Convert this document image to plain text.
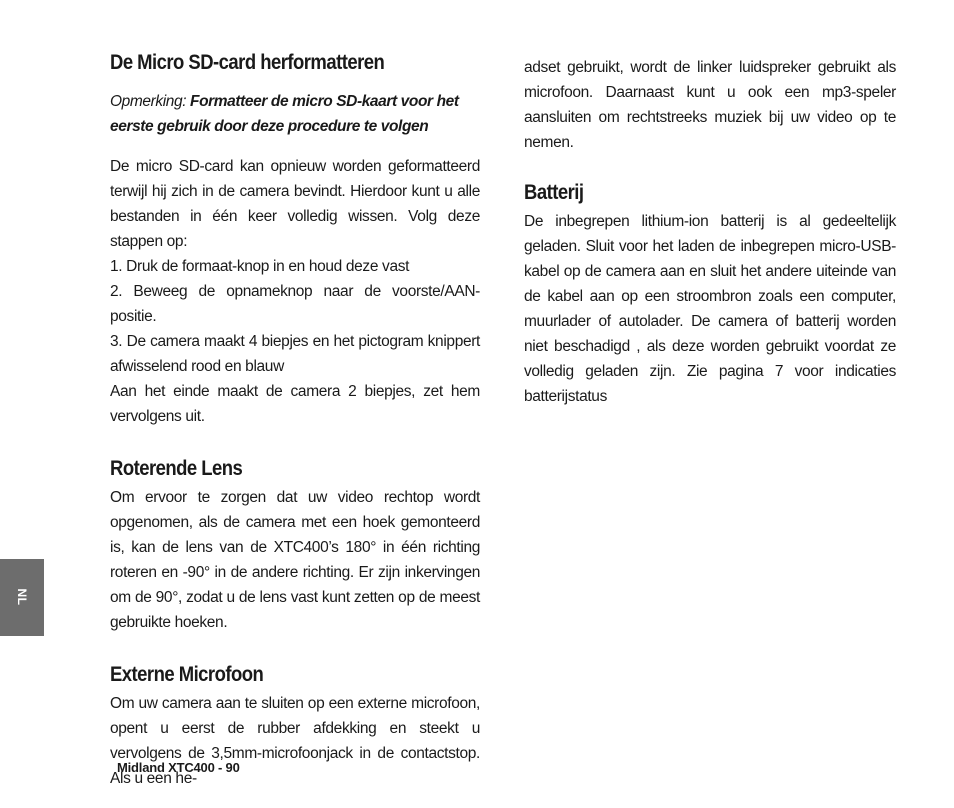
De Micro SD-card herformatteren

Opmerking: Formatteer de micro SD-kaart voor het eerste gebruik door deze procedure te volgen

De micro SD-card kan opnieuw worden geformatteerd terwijl hij zich in de camera bevindt. Hierdoor kunt u alle bestanden in één keer volledig wissen. Volg deze stappen op:

1. Druk de formaat-knop in en houd deze vast

2. Beweeg de opnameknop naar de voorste/AAN-positie.

3. De camera maakt 4 biepjes en het pictogram knippert afwisselend rood en blauw

Aan het einde maakt de camera 2 biepjes, zet hem vervolgens uit.

Roterende Lens

Om ervoor te zorgen dat uw video rechtop wordt opgenomen, als de camera met een hoek gemonteerd is, kan de lens van de XTC400’s 180° in één richting roteren en -90° in de andere richting. Er zijn inkervingen om de 90°, zodat u de lens vast kunt zetten op de meest gebruikte hoeken.

Externe Microfoon

Om uw camera aan te sluiten op een externe microfoon, opent u eerst de rubber afdekking en steekt u vervolgens de 3,5mm-microfoonjack in de contactstop. Als u een he-

adset gebruikt, wordt de linker luidspreker gebruikt als microfoon. Daarnaast kunt u ook een mp3-speler aansluiten om rechtstreeks muziek bij uw video op te nemen.

Batterij

De inbegrepen lithium-ion batterij is al gedeeltelijk geladen. Sluit voor het laden de inbegrepen micro-USB-kabel op de camera aan en sluit het andere uiteinde van de kabel aan op een stroombron zoals een computer, muurlader of autolader. De camera of batterij worden niet beschadigd , als deze worden gebruikt voordat ze volledig geladen zijn. Zie pagina 7 voor indicaties batterijstatus

NL
Midland XTC400 - 90
